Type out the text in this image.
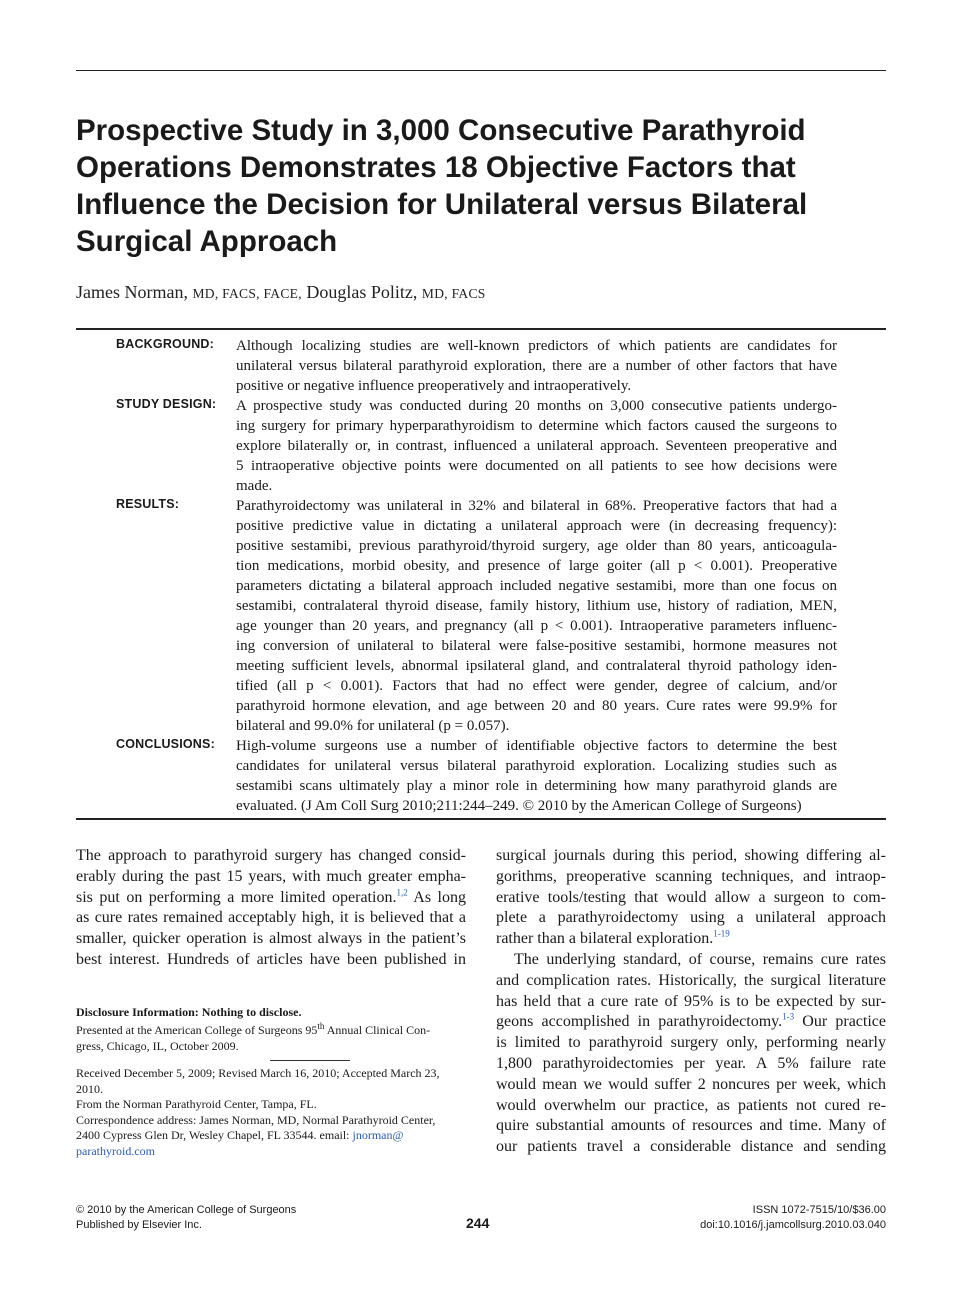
Prospective Study in 3,000 Consecutive Parathyroid
Operations Demonstrates 18 Objective Factors that
Influence the Decision for Unilateral versus Bilateral
Surgical Approach
James Norman, MD, FACS, FACE, Douglas Politz, MD, FACS
BACKGROUND: Although localizing studies are well-known predictors of which patients are candidates for
unilateral versus bilateral parathyroid exploration, there are a number of other factors that have
positive or negative influence preoperatively and intraoperatively.

STUDY DESIGN: A prospective study was conducted during 20 months on 3,000 consecutive patients undergo-
ing surgery for primary hyperparathyroidism to determine which factors caused the surgeons to
explore bilaterally or, in contrast, influenced a unilateral approach. Seventeen preoperative and
5 intraoperative objective points were documented on all patients to see how decisions were
made.

RESULTS:	Parathyroidectomy was unilateral in 32% and bilateral in 68%. Preoperative factors that had a
positive predictive value in dictating a unilateral approach were (in decreasing frequency):
positive sestamibi, previous parathyroid/thyroid surgery, age older than 80 years, anticoagula-
tion medications, morbid obesity, and presence of large goiter (all p < 0.001). Preoperative
parameters dictating a bilateral approach included negative sestamibi, more than one focus on
sestamibi, contralateral thyroid disease, family history, lithium use, history of radiation, MEN,
age younger than 20 years, and pregnancy (all p < 0.001). Intraoperative parameters influenc-
ing conversion of unilateral to bilateral were false-positive sestamibi, hormone measures not
meeting sufficient levels, abnormal ipsilateral gland, and contralateral thyroid pathology iden-
tified (all p < 0.001). Factors that had no effect were gender, degree of calcium, and/or
parathyroid hormone elevation, and age between 20 and 80 years. Cure rates were 99.9% for
bilateral and 99.0% for unilateral (p = 0.057).

CONCLUSIONS: High-volume surgeons use a number of identifiable objective factors to determine the best
candidates for unilateral versus bilateral parathyroid exploration. Localizing studies such as
sestamibi scans ultimately play a minor role in determining how many parathyroid glands are
evaluated. (J Am Coll Surg 2010;211:244–249. © 2010 by the American College of Surgeons)

The approach to parathyroid surgery has changed consid-
erably during the past 15 years, with much greater empha-
sis put on performing a more limited operation.$^{1,2}$ As long
as cure rates remained acceptably high, it is believed that a
smaller, quicker operation is almost always in the patient’s
best interest. Hundreds of articles have been published in

surgical journals during this period, showing differing al-
gorithms, preoperative scanning techniques, and intraop-
erative tools/testing that would allow a surgeon to com-
plete a parathyroidectomy using a unilateral approach
rather than a bilateral exploration.$^{1-19}$
The underlying standard, of course, remains cure rates
and complication rates. Historically, the surgical literature
has held that a cure rate of 95% is to be expected by sur-
geons accomplished in parathyroidectomy.$^{1-3}$ Our practice
is limited to parathyroid surgery only, performing nearly
1,800 parathyroidectomies per year. A 5% failure rate
would mean we would suffer 2 noncures per week, which
would overwhelm our practice, as patients not cured re-
quire substantial amounts of resources and time. Many of
our patients travel a considerable distance and sending

Disclosure Information: Nothing to disclose.

Presented at the American College of Surgeons 95th Annual Clinical Con-
gress, Chicago, IL, October 2009.

Received December 5, 2009; Revised March 16, 2010; Accepted March 23,
2010.
From the Norman Parathyroid Center, Tampa, FL.
Correspondence address: James Norman, MD, Normal Parathyroid Center,
2400 Cypress Glen Dr, Wesley Chapel, FL 33544. email: jnorman@
parathyroid.com

© 2010 by the American College of Surgeons
Published by Elsevier Inc.	244
ISSN 1072-7515/10/$36.00
doi:10.1016/j.jamcollsurg.2010.03.040
